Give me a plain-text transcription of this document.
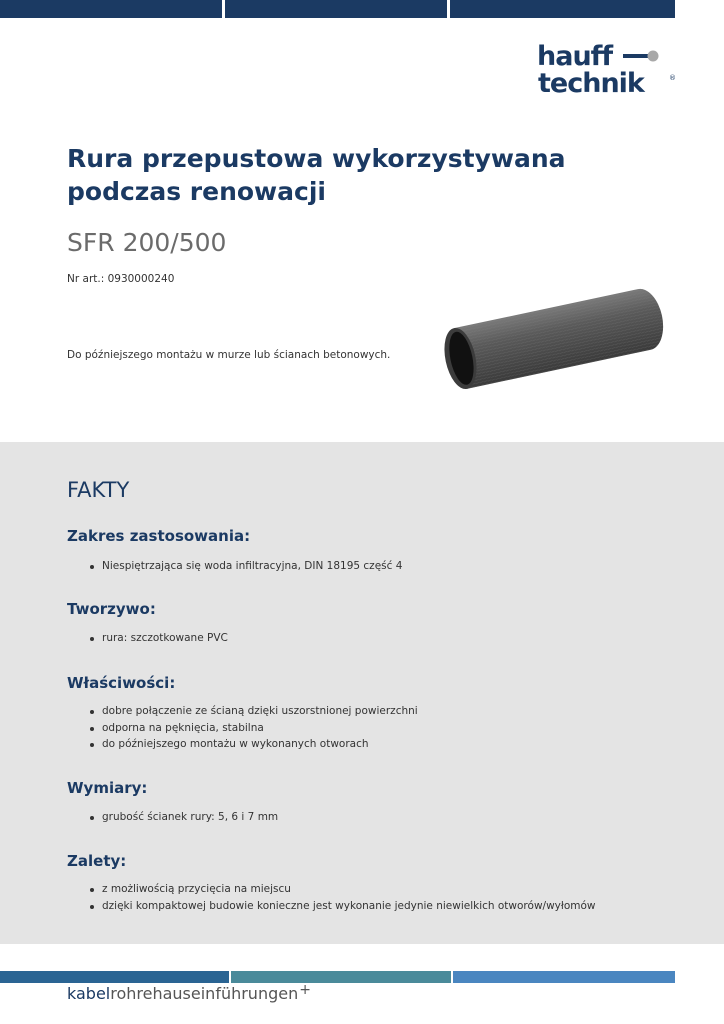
hauff
technik	®
Rura przepustowa wykorzystywana podczas renowacji
SFR 200/500
Nr art.: 0930000240
Do późniejszego montażu w murze lub ścianach betonowych.
FAKTY
Zakres zastosowania:
Niespiętrzająca się woda infiltracyjna, DIN 18195 część 4
Tworzywo:
rura: szczotkowane PVC
Właściwości:
dobre połączenie ze ścianą dzięki uszorstnionej powierzchni
odporna na pęknięcia, stabilna
do późniejszego montażu w wykonanych otworach
Wymiary:
grubość ścianek rury: 5, 6 i 7 mm
Zalety:
z możliwością przycięcia na miejscu
dzięki kompaktowej budowie konieczne jest wykonanie jedynie niewielkich otworów/wyłomów
kabelrohrehauseinführungen+
